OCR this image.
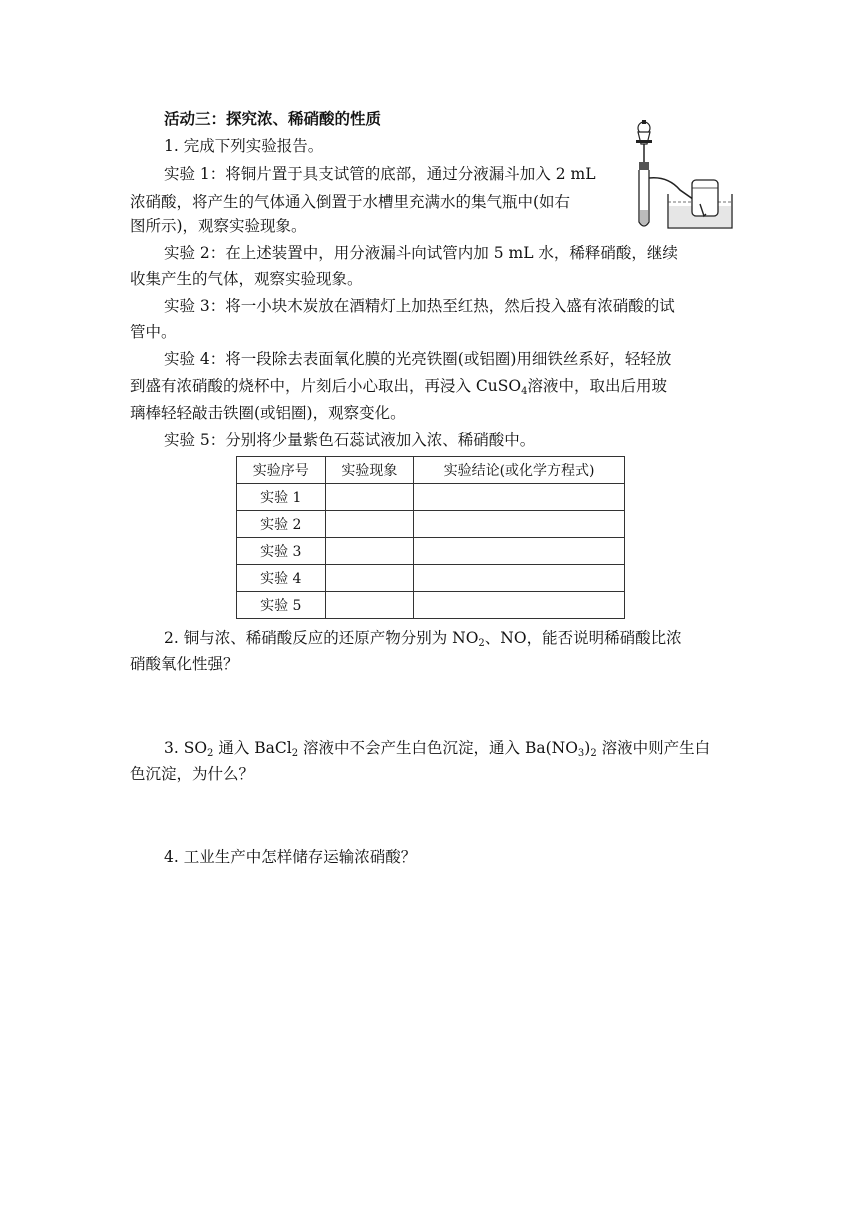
活动三：探究浓、稀硝酸的性质
1. 完成下列实验报告。
实验 1：将铜片置于具支试管的底部，通过分液漏斗加入 2 mL
浓硝酸，将产生的气体通入倒置于水槽里充满水的集气瓶中(如右
图所示)，观察实验现象。
实验 2：在上述装置中，用分液漏斗向试管内加 5 mL 水，稀释硝酸，继续
收集产生的气体，观察实验现象。
实验 3：将一小块木炭放在酒精灯上加热至红热，然后投入盛有浓硝酸的试
管中。
实验 4：将一段除去表面氧化膜的光亮铁圈(或铝圈)用细铁丝系好，轻轻放
到盛有浓硝酸的烧杯中，片刻后小心取出，再浸入 CuSO$_4$溶液中，取出后用玻
璃棒轻轻敲击铁圈(或铝圈)，观察变化。
实验 5：分别将少量紫色石蕊试液加入浓、稀硝酸中。
实验序号	实验现象	实验结论(或化学方程式)
实验 1		
实验 2		
实验 3		
实验 4		
实验 5		
2. 铜与浓、稀硝酸反应的还原产物分别为 $NO_2$、NO，能否说明稀硝酸比浓
硝酸氧化性强？
3. $SO_2$ 通入 BaCl$_2$ 溶液中不会产生白色沉淀，通入 $Ba(NO_3)_2$ 溶液中则产生白
色沉淀，为什么？
4. 工业生产中怎样储存运输浓硝酸？
